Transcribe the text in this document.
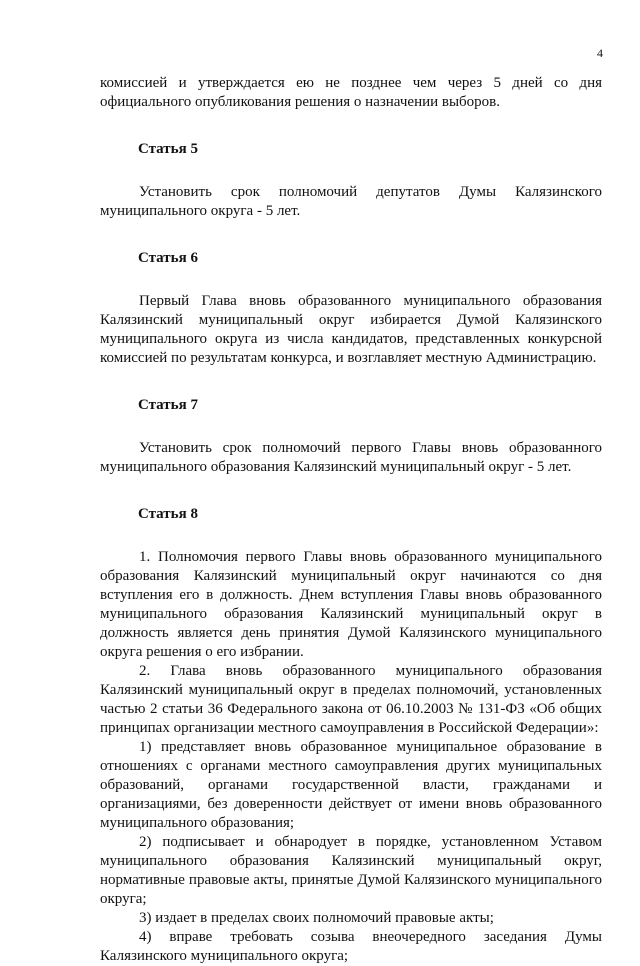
4

комиссией и утверждается ею не позднее чем через 5 дней со дня официального опубликования решения о назначении выборов.

Статья 5

Установить срок полномочий депутатов Думы Калязинского муниципального округа - 5 лет.

Статья 6

Первый Глава вновь образованного муниципального образования Калязинский муниципальный округ избирается Думой Калязинского муниципального округа из числа кандидатов, представленных конкурсной комиссией по результатам конкурса, и возглавляет местную Администрацию.

Статья 7

Установить срок полномочий первого Главы вновь образованного муниципального образования Калязинский муниципальный округ - 5 лет.

Статья 8

1. Полномочия первого Главы вновь образованного муниципального образования Калязинский муниципальный округ начинаются со дня вступления его в должность. Днем вступления Главы вновь образованного муниципального образования Калязинский муниципальный округ в должность является день принятия Думой Калязинского муниципального округа решения о его избрании.

2. Глава вновь образованного муниципального образования Калязинский муниципальный округ в пределах полномочий, установленных частью 2 статьи 36 Федерального закона от 06.10.2003 № 131-ФЗ «Об общих принципах организации местного самоуправления в Российской Федерации»:

1) представляет вновь образованное муниципальное образование в отношениях с органами местного самоуправления других муниципальных образований, органами государственной власти, гражданами и организациями, без доверенности действует от имени вновь образованного муниципального образования;

2) подписывает и обнародует в порядке, установленном Уставом муниципального образования Калязинский муниципальный округ, нормативные правовые акты, принятые Думой Калязинского муниципального округа;

3) издает в пределах своих полномочий правовые акты;

4) вправе требовать созыва внеочередного заседания Думы Калязинского муниципального округа;
